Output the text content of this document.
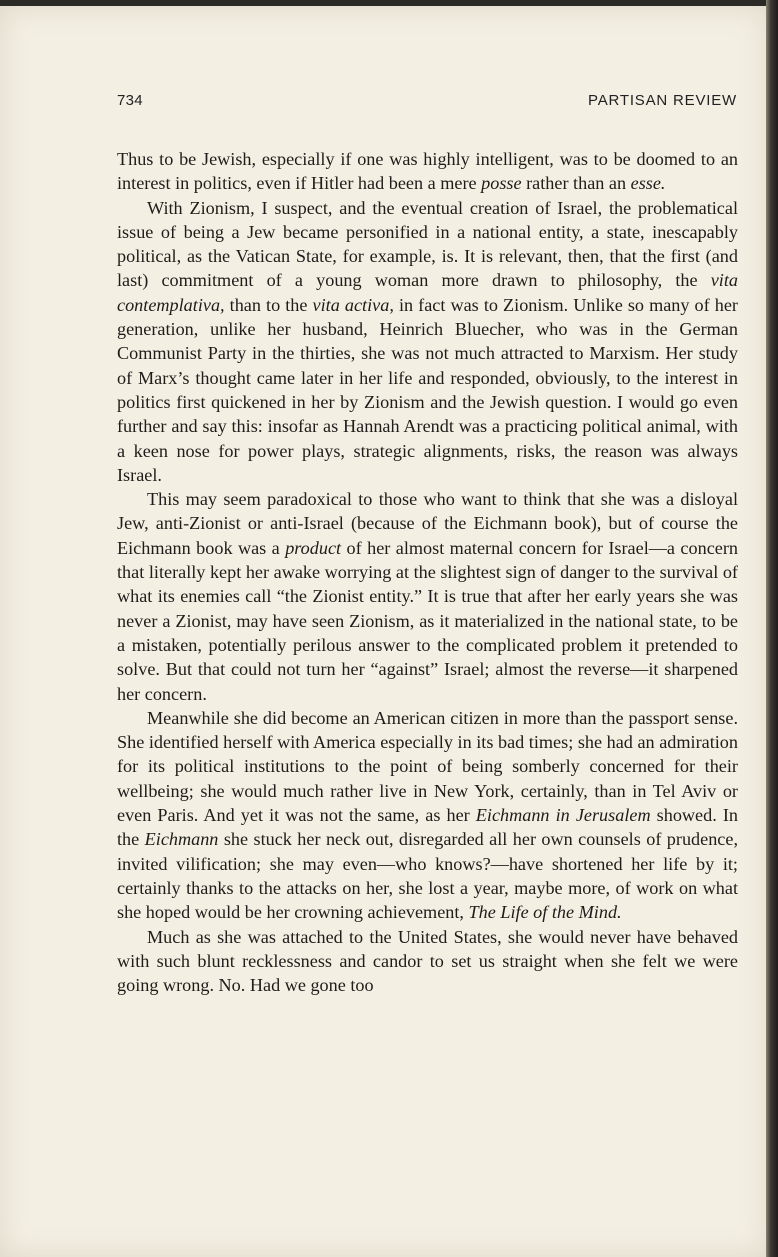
734	PARTISAN REVIEW

Thus to be Jewish, especially if one was highly intelligent, was to be doomed to an interest in politics, even if Hitler had been a mere posse rather than an esse.

With Zionism, I suspect, and the eventual creation of Israel, the problematical issue of being a Jew became personified in a national entity, a state, inescapably political, as the Vatican State, for example, is. It is relevant, then, that the first (and last) commitment of a young woman more drawn to philosophy, the vita contemplativa, than to the vita activa, in fact was to Zionism. Unlike so many of her generation, unlike her husband, Heinrich Bluecher, who was in the German Communist Party in the thirties, she was not much attracted to Marxism. Her study of Marx’s thought came later in her life and responded, obviously, to the interest in politics first quickened in her by Zionism and the Jewish question. I would go even further and say this: insofar as Hannah Arendt was a practicing political animal, with a keen nose for power plays, strategic alignments, risks, the reason was always Israel.

This may seem paradoxical to those who want to think that she was a disloyal Jew, anti-Zionist or anti-Israel (because of the Eichmann book), but of course the Eichmann book was a product of her almost maternal concern for Israel—a concern that literally kept her awake worrying at the slightest sign of danger to the survival of what its enemies call “the Zionist entity.” It is true that after her early years she was never a Zionist, may have seen Zionism, as it materialized in the national state, to be a mistaken, potentially perilous answer to the complicated problem it pretended to solve. But that could not turn her “against” Israel; almost the reverse—it sharpened her concern.

Meanwhile she did become an American citizen in more than the passport sense. She identified herself with America especially in its bad times; she had an admiration for its political institutions to the point of being somberly concerned for their wellbeing; she would much rather live in New York, certainly, than in Tel Aviv or even Paris. And yet it was not the same, as her Eichmann in Jerusalem showed. In the Eichmann she stuck her neck out, disregarded all her own counsels of prudence, invited vilification; she may even—who knows?—have shortened her life by it; certainly thanks to the attacks on her, she lost a year, maybe more, of work on what she hoped would be her crowning achievement, The Life of the Mind.

Much as she was attached to the United States, she would never have behaved with such blunt recklessness and candor to set us straight when she felt we were going wrong. No. Had we gone too
